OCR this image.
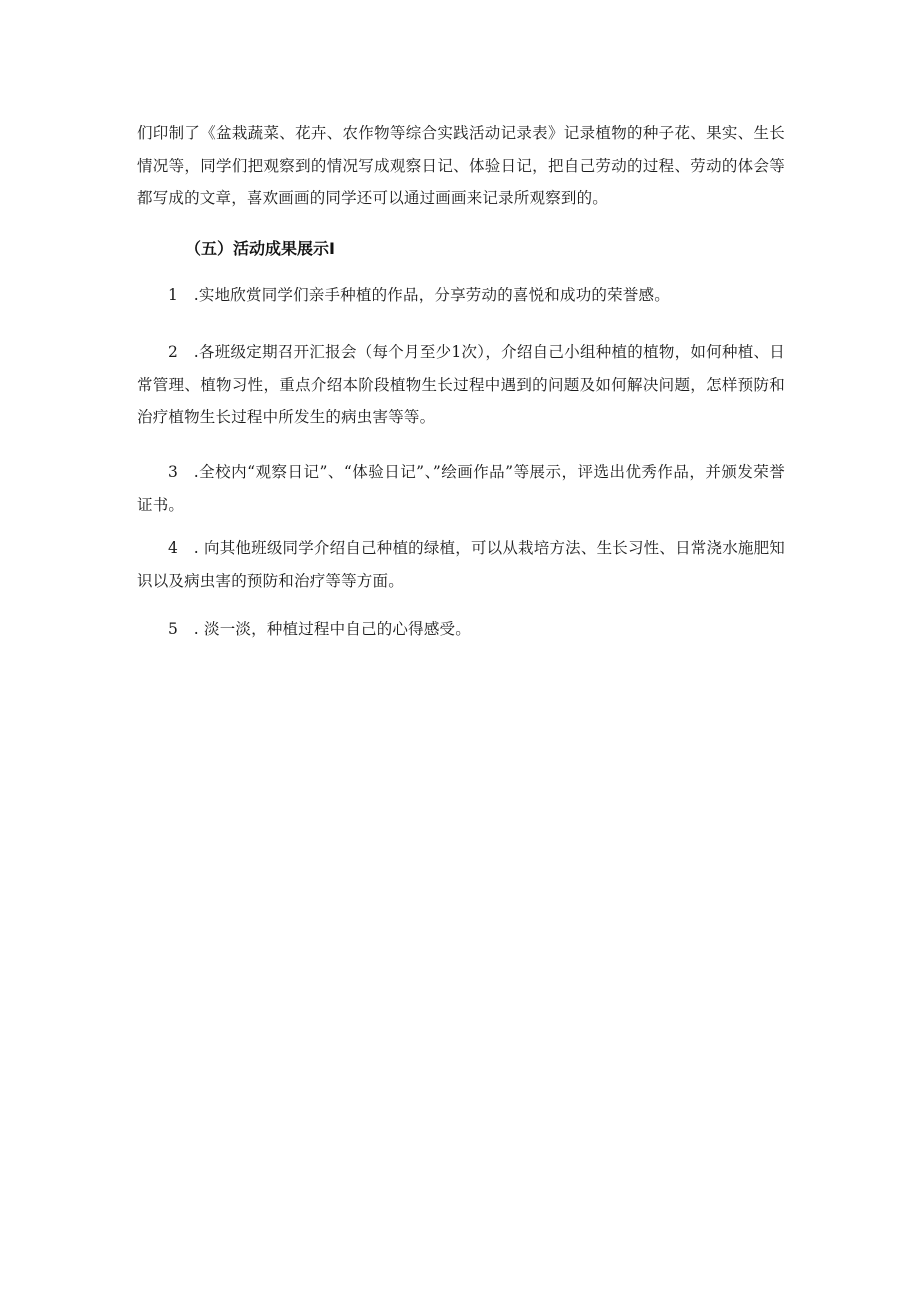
们印制了《盆栽蔬菜、花卉、农作物等综合实践活动记录表》记录植物的种子花、果实、生长情况等，同学们把观察到的情况写成观察日记、体验日记，把自己劳动的过程、劳动的体会等都写成的文章，喜欢画画的同学还可以通过画画来记录所观察到的。

（五）活动成果展示I

1 .实地欣赏同学们亲手种植的作品，分享劳动的喜悦和成功的荣誉感。

2 .各班级定期召开汇报会（每个月至少1次），介绍自己小组种植的植物，如何种植、日常管理、植物习性，重点介绍本阶段植物生长过程中遇到的问题及如何解决问题，怎样预防和治疗植物生长过程中所发生的病虫害等等。

3 .全校内“观察日记”、“体验日记”、”绘画作品”等展示，评选出优秀作品，并颁发荣誉证书。

4 . 向其他班级同学介绍自己种植的绿植，可以从栽培方法、生长习性、日常浇水施肥知识以及病虫害的预防和治疗等等方面。

5 . 淡一淡，种植过程中自己的心得感受。
